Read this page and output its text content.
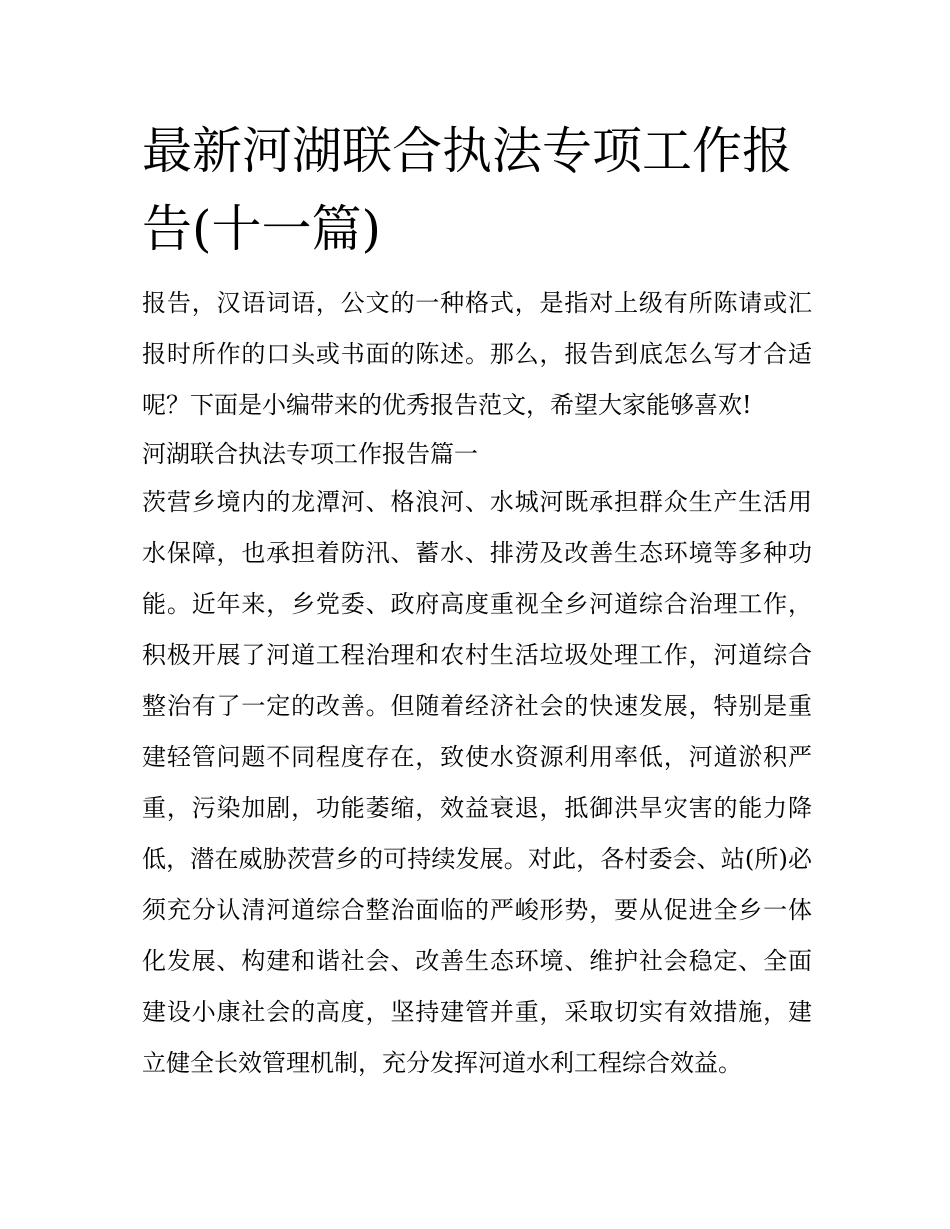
最新河湖联合执法专项工作报告(十一篇)

报告，汉语词语，公文的一种格式，是指对上级有所陈请或汇报时所作的口头或书面的陈述。那么，报告到底怎么写才合适呢？下面是小编带来的优秀报告范文，希望大家能够喜欢!

河湖联合执法专项工作报告篇一

茨营乡境内的龙潭河、格浪河、水城河既承担群众生产生活用水保障，也承担着防汛、蓄水、排涝及改善生态环境等多种功能。近年来，乡党委、政府高度重视全乡河道综合治理工作，积极开展了河道工程治理和农村生活垃圾处理工作，河道综合整治有了一定的改善。但随着经济社会的快速发展，特别是重建轻管问题不同程度存在，致使水资源利用率低，河道淤积严重，污染加剧，功能萎缩，效益衰退，抵御洪旱灾害的能力降低，潜在威胁茨营乡的可持续发展。对此，各村委会、站(所)必须充分认清河道综合整治面临的严峻形势，要从促进全乡一体化发展、构建和谐社会、改善生态环境、维护社会稳定、全面建设小康社会的高度，坚持建管并重，采取切实有效措施，建立健全长效管理机制，充分发挥河道水利工程综合效益。
